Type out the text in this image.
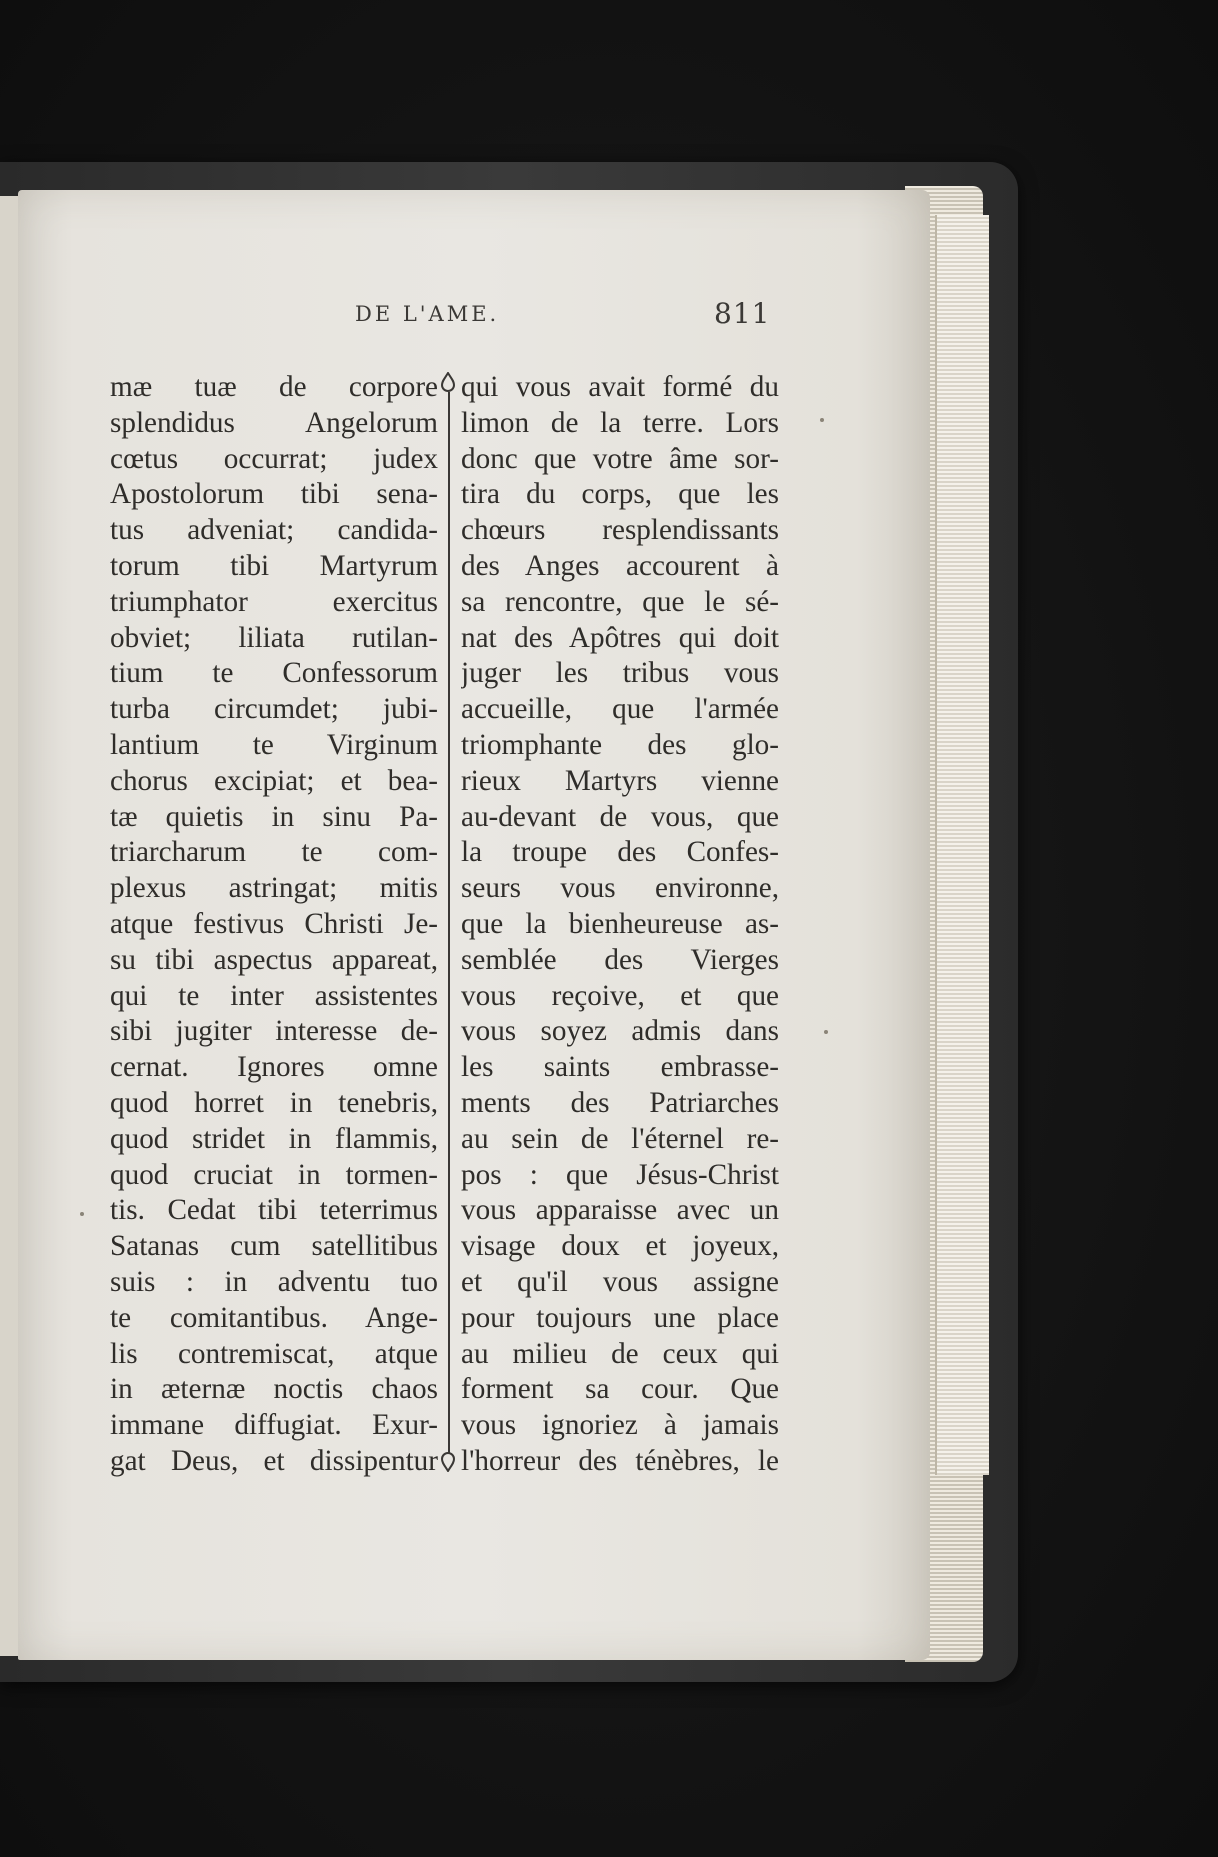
DE L'AME.	811
mæ tuæ de corpore
splendidus Angelorum
cœtus occurrat; judex
Apostolorum tibi sena-
tus adveniat; candida-
torum tibi Martyrum
triumphator exercitus
obviet; liliata rutilan-
tium te Confessorum
turba circumdet; jubi-
lantium te Virginum
chorus excipiat; et bea-
tæ quietis in sinu Pa-
triarcharum te com-
plexus astringat; mitis
atque festivus Christi Je-
su tibi aspectus appareat,
qui te inter assistentes
sibi jugiter interesse de-
cernat. Ignores omne
quod horret in tenebris,
quod stridet in flammis,
quod cruciat in tormen-
tis. Cedat tibi teterrimus
Satanas cum satellitibus
suis : in adventu tuo
te comitantibus. Ange-
lis contremiscat, atque
in æternæ noctis chaos
immane diffugiat. Exur-
gat Deus, et dissipentur
qui vous avait formé du
limon de la terre. Lors
donc que votre âme sor-
tira du corps, que les
chœurs resplendissants
des Anges accourent à
sa rencontre, que le sé-
nat des Apôtres qui doit
juger les tribus vous
accueille, que l'armée
triomphante des glo-
rieux Martyrs vienne
au-devant de vous, que
la troupe des Confes-
seurs vous environne,
que la bienheureuse as-
semblée des Vierges
vous reçoive, et que
vous soyez admis dans
les saints embrasse-
ments des Patriarches
au sein de l'éternel re-
pos : que Jésus-Christ
vous apparaisse avec un
visage doux et joyeux,
et qu'il vous assigne
pour toujours une place
au milieu de ceux qui
forment sa cour. Que
vous ignoriez à jamais
l'horreur des ténèbres, le
